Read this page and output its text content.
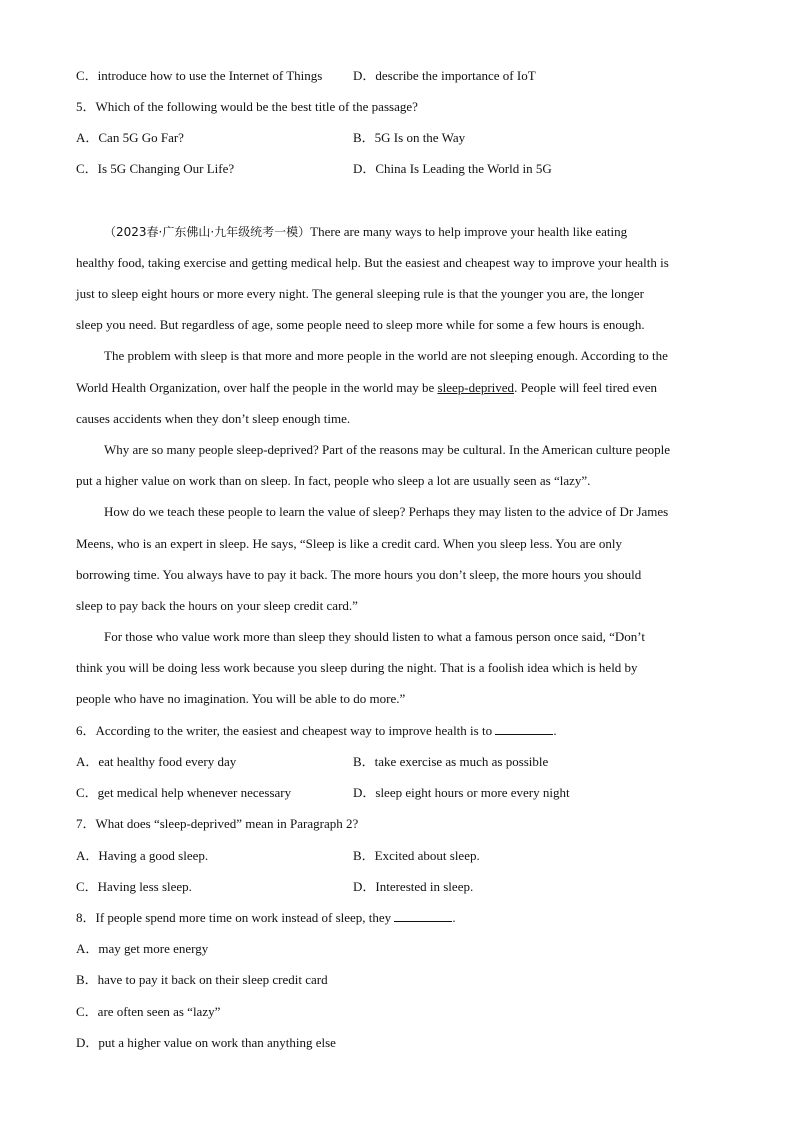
C．introduce how to use the Internet of Things D．describe the importance of IoT
5．Which of the following would be the best title of the passage?
A．Can 5G Go Far?	B．5G Is on the Way
C．Is 5G Changing Our Life?	D．China Is Leading the World in 5G
（2023春·广东佛山·九年级统考一模）There are many ways to help improve your health like eating
healthy food, taking exercise and getting medical help. But the easiest and cheapest way to improve your health is
just to sleep eight hours or more every night. The general sleeping rule is that the younger you are, the longer
sleep you need. But regardless of age, some people need to sleep more while for some a few hours is enough.
The problem with sleep is that more and more people in the world are not sleeping enough. According to the
World Health Organization, over half the people in the world may be sleep-deprived. People will feel tired even
causes accidents when they don’t sleep enough time.
Why are so many people sleep-deprived? Part of the reasons may be cultural. In the American culture people
put a higher value on work than on sleep. In fact, people who sleep a lot are usually seen as “lazy”.
How do we teach these people to learn the value of sleep? Perhaps they may listen to the advice of Dr James
Meens, who is an expert in sleep. He says, “Sleep is like a credit card. When you sleep less. You are only
borrowing time. You always have to pay it back. The more hours you don’t sleep, the more hours you should
sleep to pay back the hours on your sleep credit card.”
For those who value work more than sleep they should listen to what a famous person once said, “Don’t
think you will be doing less work because you sleep during the night. That is a foolish idea which is held by
people who have no imagination. You will be able to do more.”
6．According to the writer, the easiest and cheapest way to improve health is to	.
A．eat healthy food every day	B．take exercise as much as possible
C．get medical help whenever necessary	D．sleep eight hours or more every night
7．What does “sleep-deprived” mean in Paragraph 2?
A．Having a good sleep.	B．Excited about sleep.
C．Having less sleep.	D．Interested in sleep.
8．If people spend more time on work instead of sleep, they	.
A．may get more energy
B．have to pay it back on their sleep credit card
C．are often seen as “lazy”
D．put a higher value on work than anything else
